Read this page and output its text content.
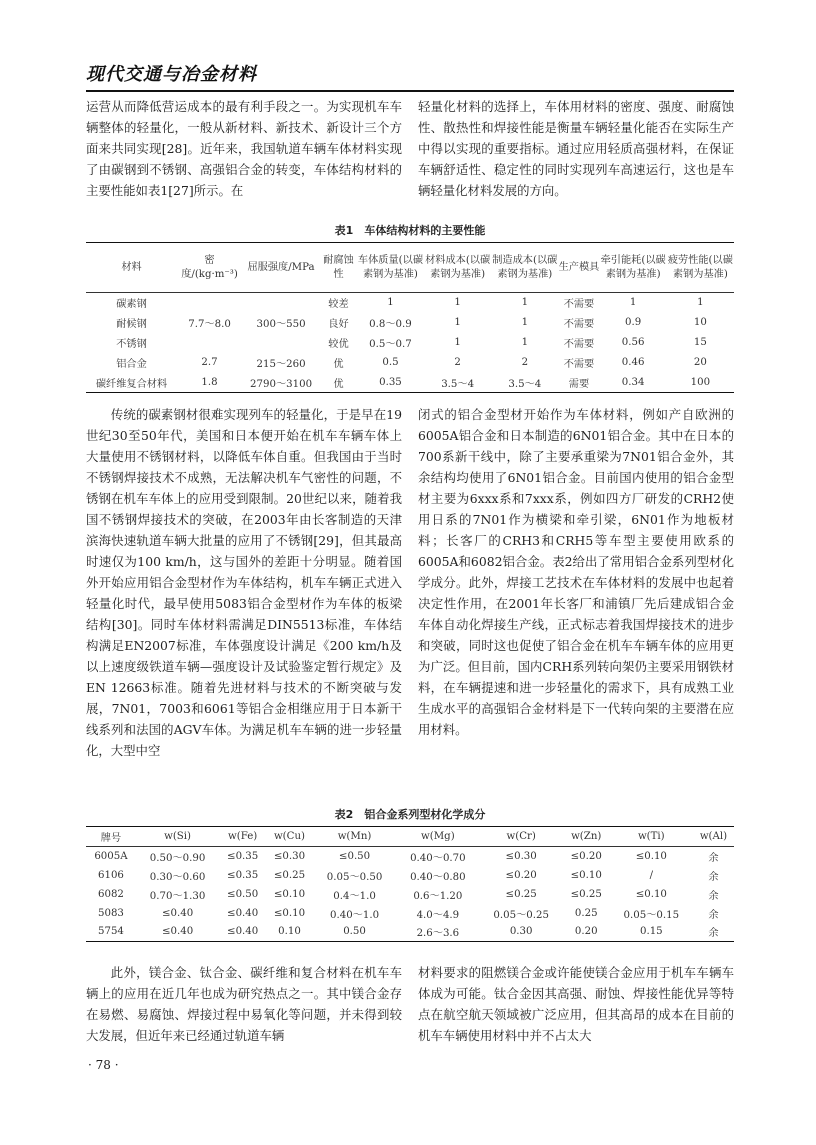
现代交通与冶金材料
运营从而降低营运成本的最有利手段之一。为实现机车车辆整体的轻量化，一般从新材料、新技术、新设计三个方面来共同实现[28]。近年来，我国轨道车辆车体材料实现了由碳钢到不锈钢、高强铝合金的转变，车体结构材料的主要性能如表1[27]所示。在
轻量化材料的选择上，车体用材料的密度、强度、耐腐蚀性、散热性和焊接性能是衡量车辆轻量化能否在实际生产中得以实现的重要指标。通过应用轻质高强材料，在保证车辆舒适性、稳定性的同时实现列车高速运行，这也是车辆轻量化材料发展的方向。
表1　车体结构材料的主要性能
材料	密度/(kg·m⁻³)	屈服强度/MPa	耐腐蚀性	车体质量(以碳素钢为基准)	材料成本(以碳素钢为基准)	制造成本(以碳素钢为基准)	生产模具	牵引能耗(以碳素钢为基准)	疲劳性能(以碳素钢为基准)
碳素钢	7.7～8.0	300～550	较差	1	1	1	不需要	1	1
耐候钢			良好	0.8～0.9	1	1	不需要	0.9	10
不锈钢			较优	0.5～0.7	1	1	不需要	0.56	15
铝合金	2.7	215～260	优	0.5	2	2	不需要	0.46	20
碳纤维复合材料	1.8	2790～3100	优	0.35	3.5～4	3.5～4	需要	0.34	100
传统的碳素钢材很难实现列车的轻量化，于是早在19世纪30至50年代，美国和日本便开始在机车车辆车体上大量使用不锈钢材料，以降低车体自重。但我国由于当时不锈钢焊接技术不成熟，无法解决机车气密性的问题，不锈钢在机车车体上的应用受到限制。20世纪以来，随着我国不锈钢焊接技术的突破，在2003年由长客制造的天津滨海快速轨道车辆大批量的应用了不锈钢[29]，但其最高时速仅为100 km/h，这与国外的差距十分明显。随着国外开始应用铝合金型材作为车体结构，机车车辆正式进入轻量化时代，最早使用5083铝合金型材作为车体的板梁结构[30]。同时车体材料需满足DIN5513标准，车体结构满足EN2007标准，车体强度设计满足《200 km/h及以上速度级铁道车辆—强度设计及试验鉴定暂行规定》及EN 12663标准。随着先进材料与技术的不断突破与发展，7N01，7003和6061等铝合金相继应用于日本新干线系列和法国的AGV车体。为满足机车车辆的进一步轻量化，大型中空
闭式的铝合金型材开始作为车体材料，例如产自欧洲的6005A铝合金和日本制造的6N01铝合金。其中在日本的700系新干线中，除了主要承重梁为7N01铝合金外，其余结构均使用了6N01铝合金。目前国内使用的铝合金型材主要为6xxx系和7xxx系，例如四方厂研发的CRH2使用日系的7N01作为横梁和牵引梁，6N01作为地板材料；长客厂的CRH3和CRH5等车型主要使用欧系的6005A和6082铝合金。表2给出了常用铝合金系列型材化学成分。此外，焊接工艺技术在车体材料的发展中也起着决定性作用，在2001年长客厂和浦镇厂先后建成铝合金车体自动化焊接生产线，正式标志着我国焊接技术的进步和突破，同时这也促使了铝合金在机车车辆车体的应用更为广泛。但目前，国内CRH系列转向架仍主要采用钢铁材料，在车辆提速和进一步轻量化的需求下，具有成熟工业生成水平的高强铝合金材料是下一代转向架的主要潜在应用材料。
表2　铝合金系列型材化学成分
牌号	w(Si)	w(Fe)	w(Cu)	w(Mn)	w(Mg)	w(Cr)	w(Zn)	w(Ti)	w(Al)
6005A	0.50～0.90	≤0.35	≤0.30	≤0.50	0.40～0.70	≤0.30	≤0.20	≤0.10	余
6106	0.30～0.60	≤0.35	≤0.25	0.05～0.50	0.40～0.80	≤0.20	≤0.10	/	余
6082	0.70～1.30	≤0.50	≤0.10	0.4～1.0	0.6～1.20	≤0.25	≤0.25	≤0.10	余
5083	≤0.40	≤0.40	≤0.10	0.40～1.0	4.0～4.9	0.05～0.25	0.25	0.05～0.15	余
5754	≤0.40	≤0.40	0.10	0.50	2.6～3.6	0.30	0.20	0.15	余
此外，镁合金、钛合金、碳纤维和复合材料在机车车辆上的应用在近几年也成为研究热点之一。其中镁合金存在易燃、易腐蚀、焊接过程中易氧化等问题，并未得到较大发展，但近年来已经通过轨道车辆
材料要求的阻燃镁合金或许能使镁合金应用于机车车辆车体成为可能。钛合金因其高强、耐蚀、焊接性能优异等特点在航空航天领域被广泛应用，但其高昂的成本在目前的机车车辆使用材料中并不占太大
· 78 ·
